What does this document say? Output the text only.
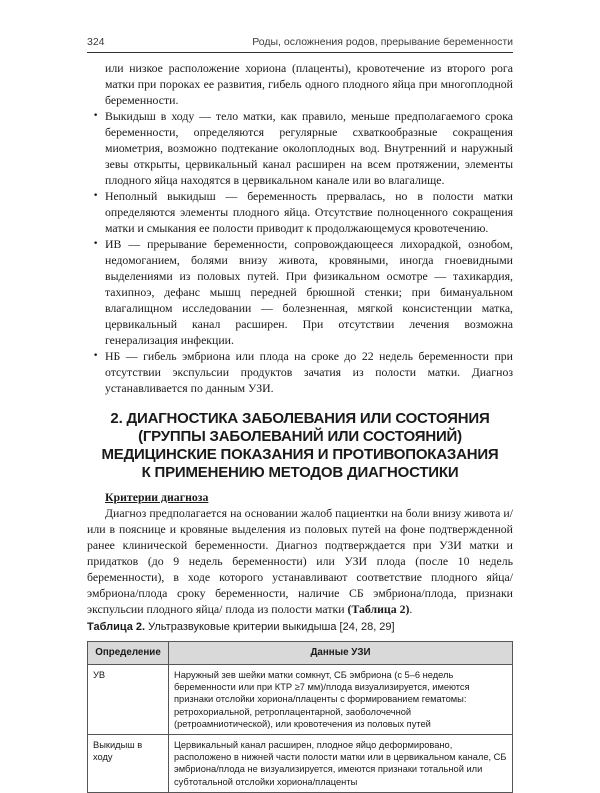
324	Роды, осложнения родов, прерывание беременности

или низкое расположение хориона (плаценты), кровотечение из второго рога матки при пороках ее развития, гибель одного плодного яйца при многоплодной беременности.

• Выкидыш в ходу — тело матки, как правило, меньше предполагаемого срока беременности, определяются регулярные схваткообразные сокращения миометрия, возможно подтекание околоплодных вод. Внутренний и наружный зевы открыты, цервикальный канал расширен на всем протяжении, элементы плодного яйца находятся в цервикальном канале или во влагалище.
• Неполный выкидыш — беременность прервалась, но в полости матки определяются элементы плодного яйца. Отсутствие полноценного сокращения матки и смыкания ее полости приводит к продолжающемуся кровотечению.
• ИВ — прерывание беременности, сопровождающееся лихорадкой, ознобом, недомоганием, болями внизу живота, кровяными, иногда гноевидными выделениями из половых путей. При физикальном осмотре — тахикардия, тахипноэ, дефанс мышц передней брюшной стенки; при бимануальном влагалищном исследовании — болезненная, мягкой консистенции матка, цервикальный канал расширен. При отсутствии лечения возможна генерализация инфекции.
• НБ — гибель эмбриона или плода на сроке до 22 недель беременности при отсутствии экспульсии продуктов зачатия из полости матки. Диагноз устанавливается по данным УЗИ.
2. ДИАГНОСТИКА ЗАБОЛЕВАНИЯ ИЛИ СОСТОЯНИЯ
(ГРУППЫ ЗАБОЛЕВАНИЙ ИЛИ СОСТОЯНИЙ)
МЕДИЦИНСКИЕ ПОКАЗАНИЯ И ПРОТИВОПОКАЗАНИЯ
К ПРИМЕНЕНИЮ МЕТОДОВ ДИАГНОСТИКИ

Критерии диагноза

Диагноз предполагается на основании жалоб пациентки на боли внизу живота и/или в пояснице и кровяные выделения из половых путей на фоне подтвержденной ранее клинической беременности. Диагноз подтверждается при УЗИ матки и придатков (до 9 недель беременности) или УЗИ плода (после 10 недель беременности), в ходе которого устанавливают соответствие плодного яйца/эмбриона/плода сроку беременности, наличие СБ эмбриона/плода, признаки экспульсии плодного яйца/ плода из полости матки (Таблица 2).

Таблица 2. Ультразвуковые критерии выкидыша [24, 28, 29]
Определение	Данные УЗИ
УВ	Наружный зев шейки матки сомкнут, СБ эмбриона (с 5–6 недель беременности или при КТР ≥7 мм)/плода визуализируется, имеются признаки отслойки хориона/плаценты с формированием гематомы: ретрохориальной, ретроплацентарной, заоболочечной (ретроамниотической), или кровотечения из половых путей
Выкидыш в ходу	Цервикальный канал расширен, плодное яйцо деформировано, расположено в нижней части полости матки или в цервикальном канале, СБ эмбриона/плода не визуализируется, имеются признаки тотальной или субтотальной отслойки хориона/плаценты
